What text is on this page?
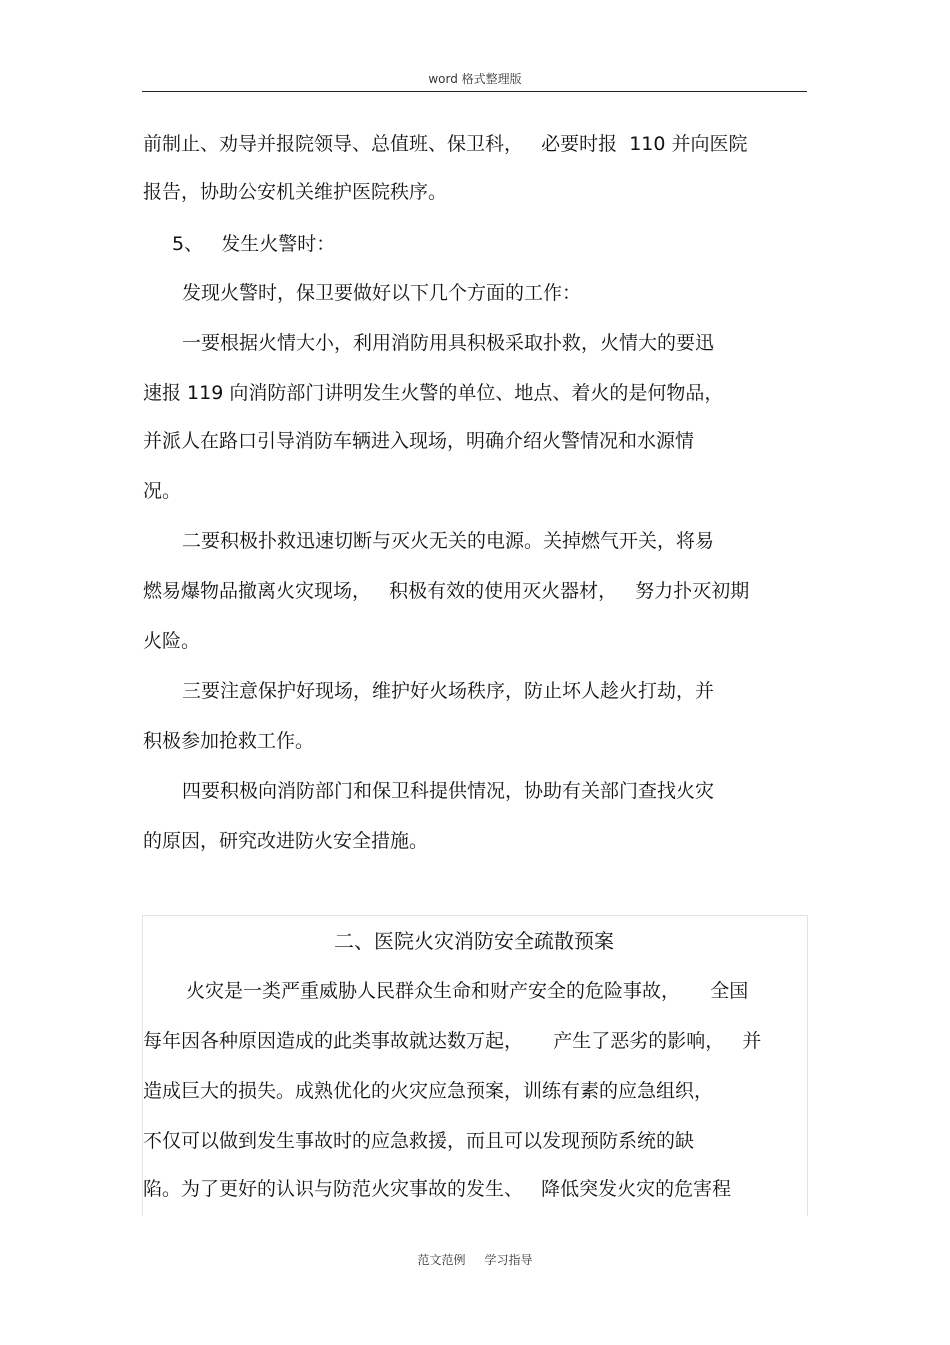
word 格式整理版
前制止、劝导并报院领导、总值班、保卫科，   必要时报  110 并向医院
报告，协助公安机关维护医院秩序。
5、   发生火警时：
发现火警时，保卫要做好以下几个方面的工作：
一要根据火情大小，利用消防用具积极采取扑救，火情大的要迅
速报 119 向消防部门讲明发生火警的单位、地点、着火的是何物品，
并派人在路口引导消防车辆进入现场，明确介绍火警情况和水源情
况。
二要积极扑救迅速切断与灭火无关的电源。关掉燃气开关，将易
燃易爆物品撤离火灾现场，   积极有效的使用灭火器材，   努力扑灭初期
火险。
三要注意保护好现场，维护好火场秩序，防止坏人趁火打劫，并
积极参加抢救工作。
四要积极向消防部门和保卫科提供情况，协助有关部门查找火灾
的原因，研究改进防火安全措施。
二、医院火灾消防安全疏散预案
火灾是一类严重威胁人民群众生命和财产安全的危险事故，     全国
每年因各种原因造成的此类事故就达数万起，     产生了恶劣的影响，   并
造成巨大的损失。成熟优化的火灾应急预案，训练有素的应急组织，
不仅可以做到发生事故时的应急救援，而且可以发现预防系统的缺
陷。为了更好的认识与防范火灾事故的发生、   降低突发火灾的危害程
范文范例     学习指导
